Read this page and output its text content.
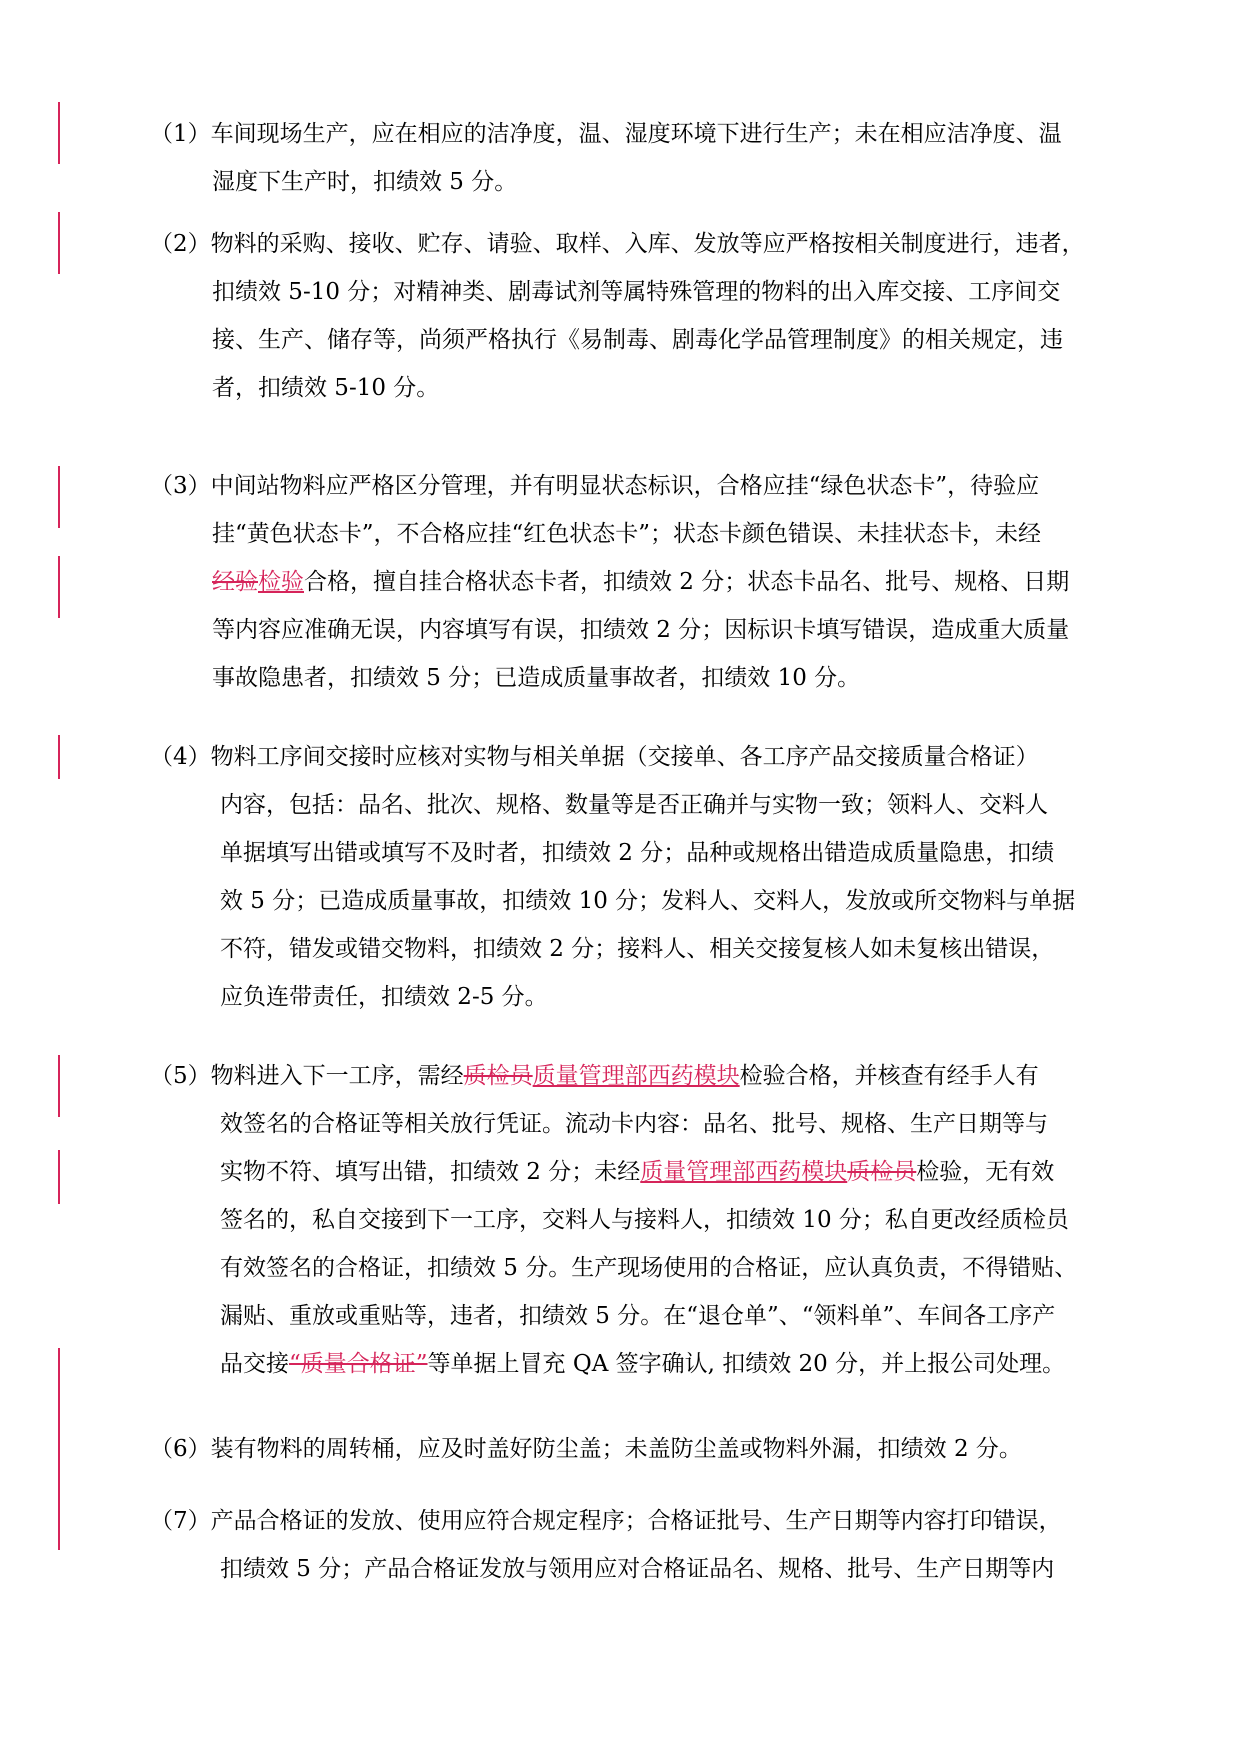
（1）车间现场生产，应在相应的洁净度，温、湿度环境下进行生产；未在相应洁净度、温
湿度下生产时，扣绩效 5 分。
（2）物料的采购、接收、贮存、请验、取样、入库、发放等应严格按相关制度进行，违者，
扣绩效 5-10 分；对精神类、剧毒试剂等属特殊管理的物料的出入库交接、工序间交
接、生产、储存等，尚须严格执行《易制毒、剧毒化学品管理制度》的相关规定，违
者，扣绩效 5-10 分。
（3）中间站物料应严格区分管理，并有明显状态标识，合格应挂“绿色状态卡”，待验应
挂“黄色状态卡”，不合格应挂“红色状态卡”；状态卡颜色错误、未挂状态卡，未经
经验检验合格，擅自挂合格状态卡者，扣绩效 2 分；状态卡品名、批号、规格、日期
等内容应准确无误，内容填写有误，扣绩效 2 分；因标识卡填写错误，造成重大质量
事故隐患者，扣绩效 5 分；已造成质量事故者，扣绩效 10 分。
（4）物料工序间交接时应核对实物与相关单据（交接单、各工序产品交接质量合格证）
内容，包括：品名、批次、规格、数量等是否正确并与实物一致；领料人、交料人
单据填写出错或填写不及时者，扣绩效 2 分；品种或规格出错造成质量隐患，扣绩
效 5 分；已造成质量事故，扣绩效 10 分；发料人、交料人，发放或所交物料与单据
不符，错发或错交物料，扣绩效 2 分；接料人、相关交接复核人如未复核出错误，
应负连带责任，扣绩效 2-5 分。
（5）物料进入下一工序，需经质检员质量管理部西药模块检验合格，并核查有经手人有
效签名的合格证等相关放行凭证。流动卡内容：品名、批号、规格、生产日期等与
实物不符、填写出错，扣绩效 2 分；未经质量管理部西药模块质检员检验，无有效
签名的，私自交接到下一工序，交料人与接料人，扣绩效 10 分；私自更改经质检员
有效签名的合格证，扣绩效 5 分。生产现场使用的合格证，应认真负责，不得错贴、
漏贴、重放或重贴等，违者，扣绩效 5 分。在“退仓单”、“领料单”、车间各工序产
品交接“质量合格证”等单据上冒充 QA 签字确认, 扣绩效 20 分，并上报公司处理。
（6）装有物料的周转桶，应及时盖好防尘盖；未盖防尘盖或物料外漏，扣绩效 2 分。
（7）产品合格证的发放、使用应符合规定程序；合格证批号、生产日期等内容打印错误，
扣绩效 5 分；产品合格证发放与领用应对合格证品名、规格、批号、生产日期等内
